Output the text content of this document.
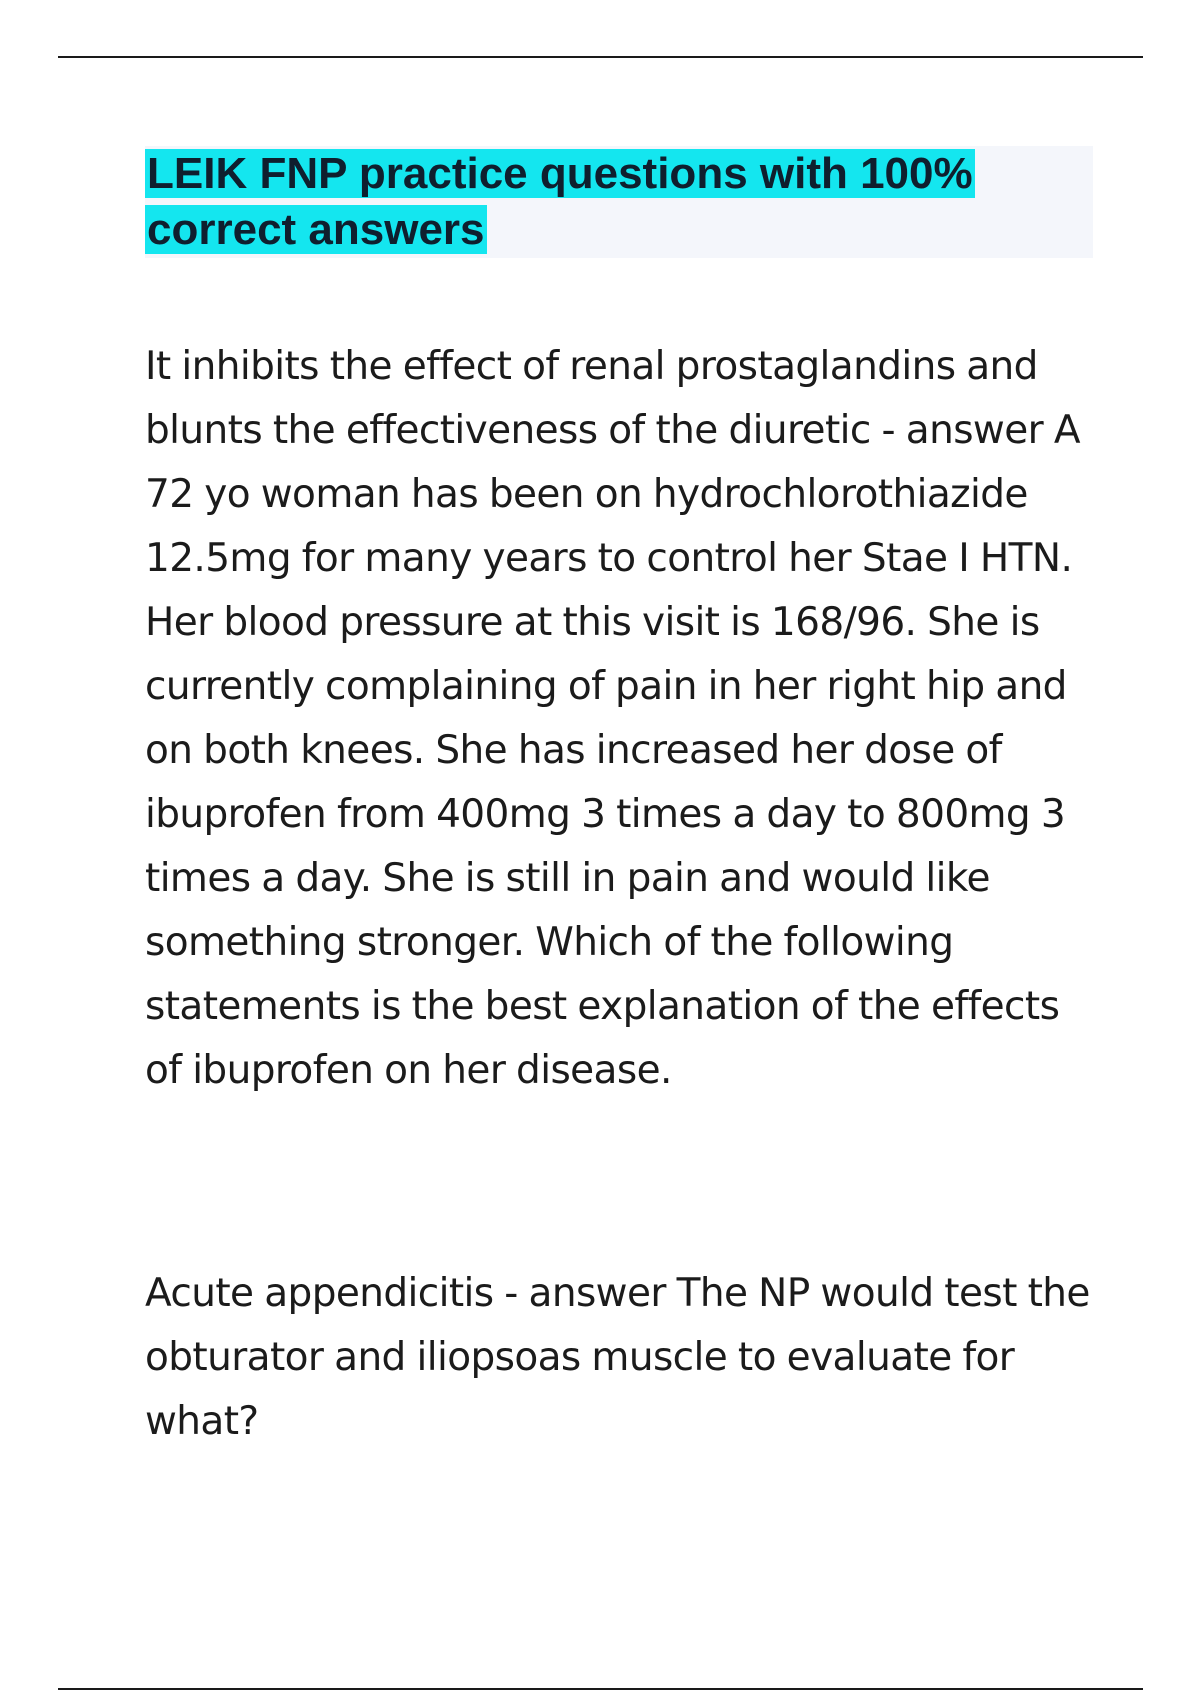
LEIK FNP practice questions with 100% correct answers

It inhibits the effect of renal prostaglandins and blunts the effectiveness of the diuretic - answer A 72 yo woman has been on hydrochlorothiazide 12.5mg for many years to control her Stae I HTN. Her blood pressure at this visit is 168/96. She is currently complaining of pain in her right hip and on both knees. She has increased her dose of ibuprofen from 400mg 3 times a day to 800mg 3 times a day. She is still in pain and would like something stronger. Which of the following statements is the best explanation of the effects of ibuprofen on her disease.

Acute appendicitis - answer The NP would test the obturator and iliopsoas muscle to evaluate for what?
